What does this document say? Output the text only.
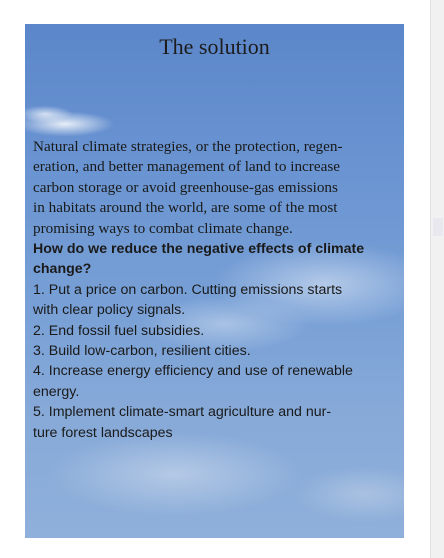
The solution

Natural climate strategies, or the protection, regen-
eration, and better management of land to increase
carbon storage or avoid greenhouse-gas emissions
in habitats around the world, are some of the most
promising ways to combat climate change.

How do we reduce the negative effects of climate
change?

1. Put a price on carbon. Cutting emissions starts
with clear policy signals.
2. End fossil fuel subsidies.
3. Build low-carbon, resilient cities.
4. Increase energy efficiency and use of renewable
energy.
5. Implement climate-smart agriculture and nur-
ture forest landscapes
